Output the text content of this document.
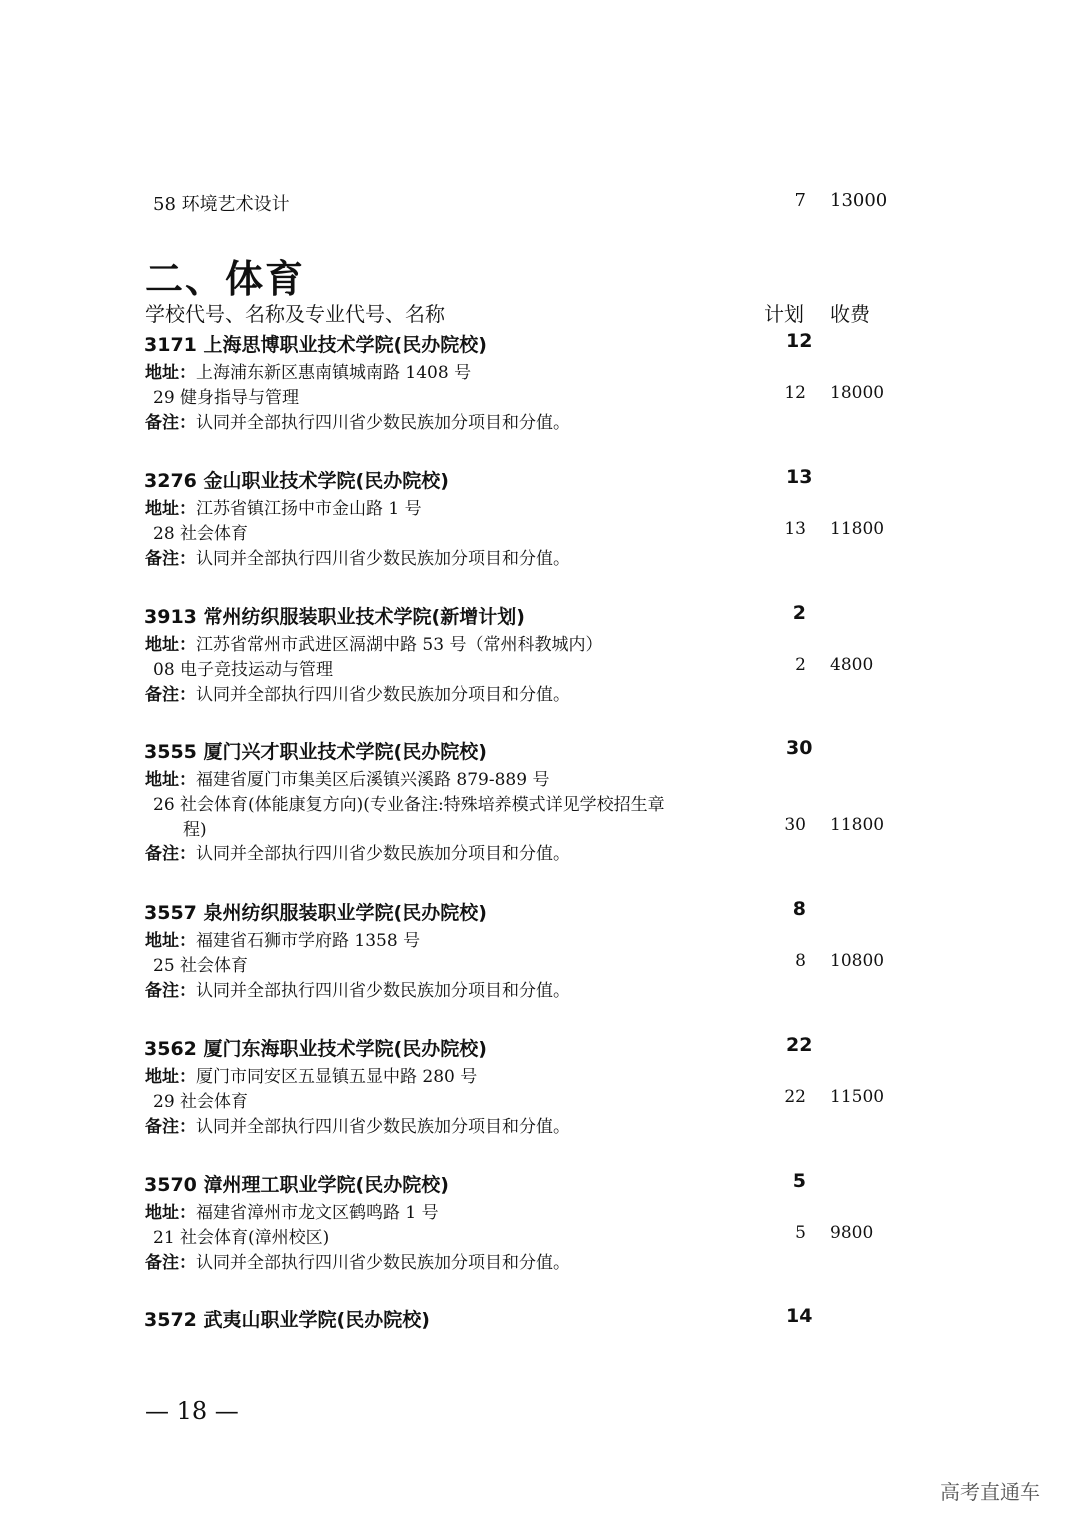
58 环境艺术设计	7 13000
二、体育
学校代号、名称及专业代号、名称	计划 收费
3171 上海思博职业技术学院(民办院校)	12
地址：上海浦东新区惠南镇城南路 1408 号
29 健身指导与管理	12 18000
备注：认同并全部执行四川省少数民族加分项目和分值。
3276 金山职业技术学院(民办院校)	13
地址：江苏省镇江扬中市金山路 1 号
28 社会体育	13 11800
备注：认同并全部执行四川省少数民族加分项目和分值。
3913 常州纺织服装职业技术学院(新增计划)	2
地址：江苏省常州市武进区滆湖中路 53 号（常州科教城内）
08 电子竞技运动与管理	2 4800
备注：认同并全部执行四川省少数民族加分项目和分值。
3555 厦门兴才职业技术学院(民办院校)	30
地址：福建省厦门市集美区后溪镇兴溪路 879-889 号
26 社会体育(体能康复方向)(专业备注:特殊培养模式详见学校招生章
程)	30 11800
备注：认同并全部执行四川省少数民族加分项目和分值。
3557 泉州纺织服装职业学院(民办院校)	8
地址：福建省石狮市学府路 1358 号
25 社会体育	8 10800
备注：认同并全部执行四川省少数民族加分项目和分值。
3562 厦门东海职业技术学院(民办院校)	22
地址：厦门市同安区五显镇五显中路 280 号
29 社会体育	22 11500
备注：认同并全部执行四川省少数民族加分项目和分值。
3570 漳州理工职业学院(民办院校)	5
地址：福建省漳州市龙文区鹤鸣路 1 号
21 社会体育(漳州校区)	5 9800
备注：认同并全部执行四川省少数民族加分项目和分值。
3572 武夷山职业学院(民办院校)	14
— 18 —
高考直通车
